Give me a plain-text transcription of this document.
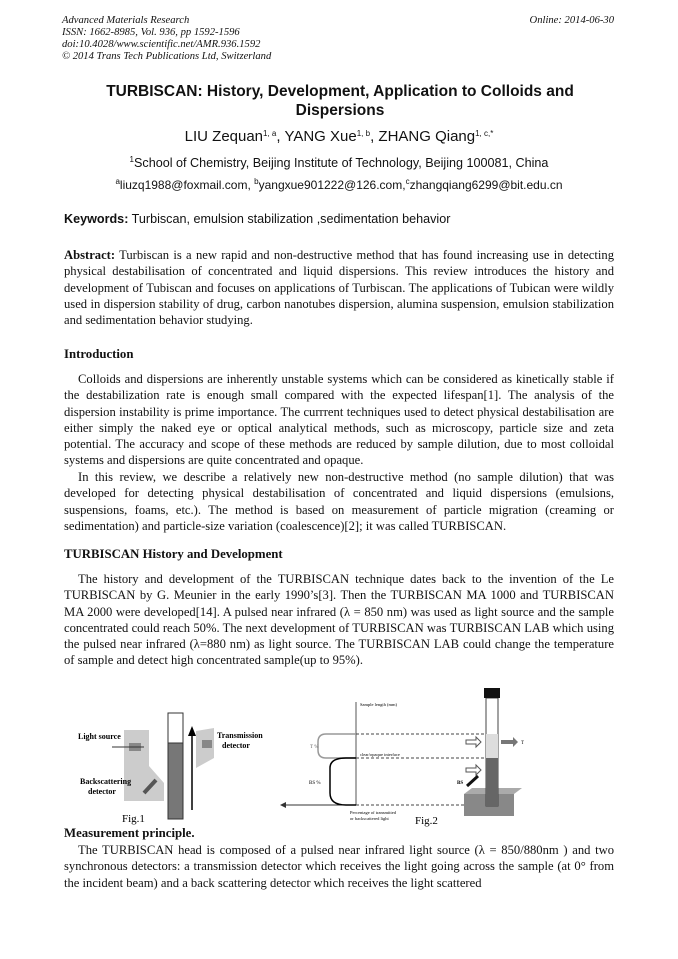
Advanced Materials Research
ISSN: 1662-8985, Vol. 936, pp 1592-1596
doi:10.4028/www.scientific.net/AMR.936.1592
© 2014 Trans Tech Publications Ltd, Switzerland
Online: 2014-06-30
TURBISCAN: History, Development, Application to Colloids and Dispersions
LIU Zequan$^{1, a}$, YANG Xue$^{1, b}$, ZHANG Qiang$^{1, c,*}$
$^1$School of Chemistry, Beijing Institute of Technology, Beijing 100081, China
$^a$liuzq1988@foxmail.com, $^b$yangxue901222@126.com,$^c$zhangqiang6299@bit.edu.cn
Keywords: Turbiscan, emulsion stabilization ,sedimentation behavior
Abstract: Turbiscan is a new rapid and non-destructive method that has found increasing use in detecting physical destabilisation of concentrated and liquid dispersions. This review introduces the history and development of Tubiscan and focuses on applications of Turbiscan. The applications of Tubican were wildly used in dispersion stability of drug, carbon nanotubes dispersion, alumina suspension, emulsion stabilization and sedimentation behavior studying.
Introduction
Colloids and dispersions are inherently unstable systems which can be considered as kinetically stable if the destabilization rate is enough small compared with the expected lifespan[1]. The analysis of the dispersion instability is prime importance. The currrent techniques used to detect physical destabilisation are either simply the naked eye or optical analytical methods, such as microscopy, particle size and zeta potential. The accuracy and scope of these methods are reduced by sample dilution, due to most colloidal systems and dispersions are quite concentrated and opaque.
In this review, we describe a relatively new non-destructive method (no sample dilution) that was developed for detecting physical destabilisation of concentrated and liquid dispersions (emulsions, suspensions, foams, etc.). The method is based on measurement of particle migration (creaming or sedimentation) and particle-size variation (coalescence)[2]; it was called TURBISCAN.
TURBISCAN History and Development
The history and development of the TURBISCAN technique dates back to the invention of the Le TURBISCAN by G. Meunier in the early 1990’s[3]. Then the TURBISCAN MA 1000 and TURBISCAN MA 2000 were developed[14]. A pulsed near infrared (λ = 850 nm) was used as light source and the sample concentrated could reach 50%. The next development of TURBISCAN was TURBISCAN LAB which using the pulsed near infrared (λ=880 nm) as light source. The TURBISCAN LAB could change the temperature of sample and detect high concentrated sample(up to 95%).
Light source	Transmission
detector
Backscattering
detector
Fig.1
Sample length (mm)
T %
BS %
clear/opaque interface
T
BS
Percentage of transmitted
or backscattered light Fig.2
Measurement principle.
The TURBISCAN head is composed of a pulsed near infrared light source (λ = 850/880nm ) and two synchronous detectors: a transmission detector which receives the light going across the sample (at 0° from the incident beam) and a back scattering detector which receives the light scattered
